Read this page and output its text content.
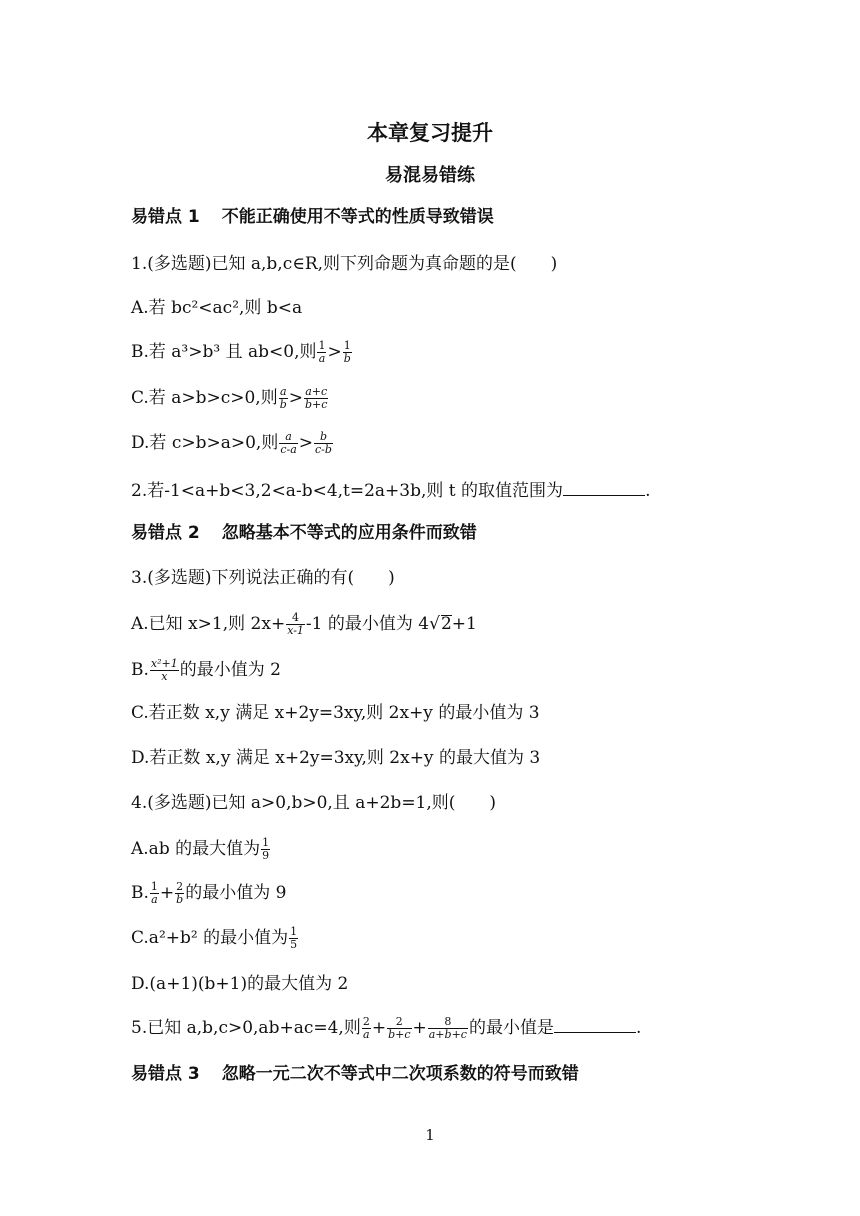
本章复习提升
易混易错练
易错点 1 不能正确使用不等式的性质导致错误
1.(多选题)已知 a,b,c∈R,则下列命题为真命题的是(　　)
A.若 bc²<ac²,则 b<a
B.若 a³>b³ 且 ab<0,则 $\frac{1}{a} > \frac{1}{b}$
C.若 a>b>c>0,则 $\frac{a}{b} > \frac{a+c}{b+c}$
D.若 c>b>a>0,则 $\frac{a}{c-a} > \frac{b}{c-b}$
2.若-1<a+b<3,2<a-b<4,t=2a+3b,则 t 的取值范围为	.
易错点 2 忽略基本不等式的应用条件而致错
3.(多选题)下列说法正确的有(　　)
A.已知 x>1,则 $2x+ \frac{4}{x-1} -1$ 的最小值为 4√2+1
B. $\frac{\text{x²+1}}{x}$ 的最小值为 2
C.若正数 x,y 满足 x+2y=3xy,则 2x+y 的最小值为 3
D.若正数 x,y 满足 x+2y=3xy,则 2x+y 的最大值为 3
4.(多选题)已知 a>0,b>0,且 a+2b=1,则(　　)
A.ab 的最大值为 $\frac{1}{9}$
B. $\frac{1}{a} + \frac{2}{b}$ 的最小值为 9
C.a²+b² 的最小值为 $\frac{1}{5}$
D.(a+1)(b+1)的最大值为 2
5.已知 a,b,c>0,ab+ac=4,则 $\frac{2}{a} + \frac{2}{b+c} + \frac{8}{a+b+c}$ 的最小值是	.
易错点 3 忽略一元二次不等式中二次项系数的符号而致错
1
